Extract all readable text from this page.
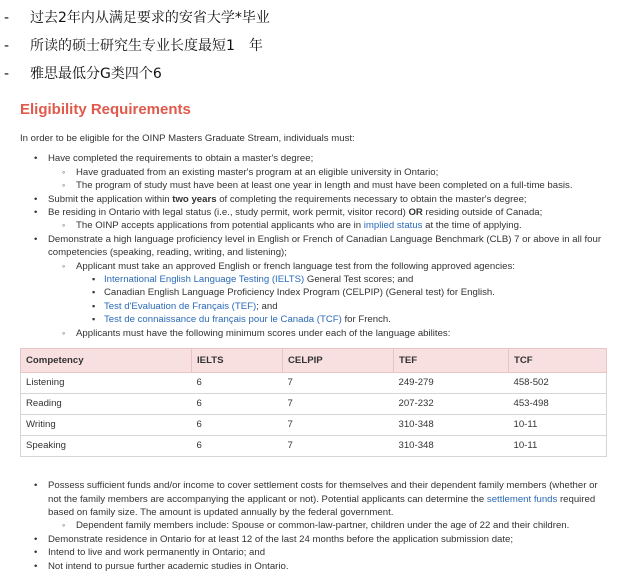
- 过去2年内从满足要求的安省大学*毕业
- 所读的硕士研究生专业长度最短1　年
- 雅思最低分G类四个6
Eligibility Requirements
In order to be eligible for the OINP Masters Graduate Stream, individuals must:
• Have completed the requirements to obtain a master's degree;
◦ Have graduated from an existing master's program at an eligible university in Ontario;
◦ The program of study must have been at least one year in length and must have been completed on a full-time basis.
• Submit the application within two years of completing the requirements necessary to obtain the master's degree;
• Be residing in Ontario with legal status (i.e., study permit, work permit, visitor record) OR residing outside of Canada;
◦ The OINP accepts applications from potential applicants who are in implied status at the time of applying.
• Demonstrate a high language proficiency level in English or French of Canadian Language Benchmark (CLB) 7 or above in all four competencies (speaking, reading, writing, and listening);
◦ Applicant must take an approved English or french language test from the following approved agencies:
▪ International English Language Testing (IELTS) General Test scores; and
▪ Canadian English Language Proficiency Index Program (CELPIP) (General test) for English.
▪ Test d'Evaluation de Français (TEF); and
▪ Test de connaissance du français pour le Canada (TCF) for French.
◦ Applicants must have the following minimum scores under each of the language abilites:
Competency	IELTS	CELPIP	TEF	TCF
Listening	6	7	249-279	458-502
Reading	6	7	207-232	453-498
Writing	6	7	310-348	10-11
Speaking	6	7	310-348	10-11
• Possess sufficient funds and/or income to cover settlement costs for themselves and their dependent family members (whether or not the family members are accompanying the applicant or not). Potential applicants can determine the settlement funds required based on family size. The amount is updated annually by the federal government.
◦ Dependent family members include: Spouse or common-law-partner, children under the age of 22 and their children.
• Demonstrate residence in Ontario for at least 12 of the last 24 months before the application submission date;
• Intend to live and work permanently in Ontario; and
• Not intend to pursue further academic studies in Ontario.
